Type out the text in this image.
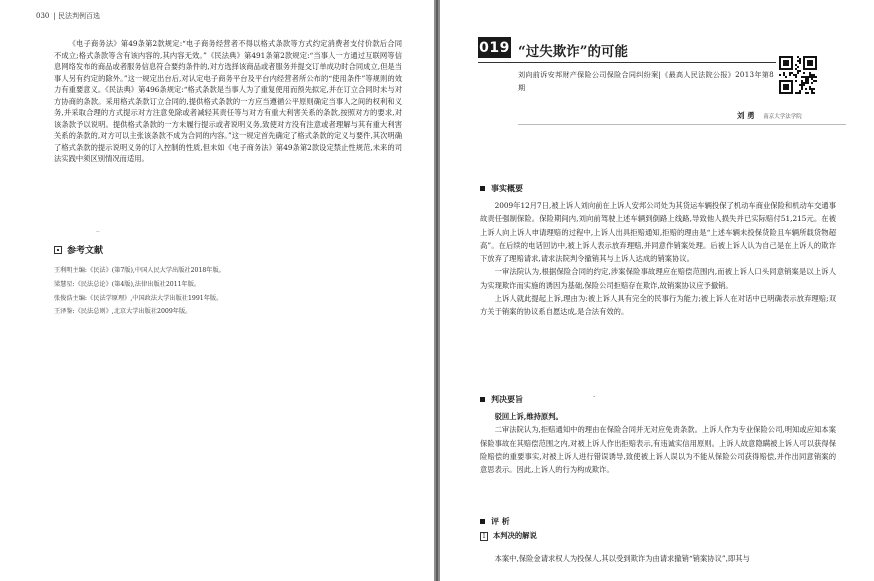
030 | 民法判例百选

《电子商务法》第49条第2款规定:“电子商务经营者不得以格式条款等方式约定消费者支付价款后合同不成立;格式条款等含有该内容的,其内容无效。”《民法典》第491条第2款规定:“当事人一方通过互联网等信息网络发布的商品或者服务信息符合要约条件的,对方选择该商品或者服务并提交订单成功时合同成立,但是当事人另有约定的除外。”这一规定出台后,对认定电子商务平台及平台内经营者所公布的“使用条件”等规则的效力有重要意义。《民法典》第496条规定:“格式条款是当事人为了重复使用而预先拟定,并在订立合同时未与对方协商的条款。采用格式条款订立合同的,提供格式条款的一方应当遵循公平原则确定当事人之间的权利和义务,并采取合理的方式提示对方注意免除或者减轻其责任等与对方有重大利害关系的条款,按照对方的要求,对该条款予以说明。提供格式条款的一方未履行提示或者说明义务,致使对方没有注意或者理解与其有重大利害关系的条款的,对方可以主张该条款不成为合同的内容。”这一规定首先确定了格式条款的定义与要件,其次明确了格式条款的提示说明义务的订入控制的性质,但未如《电子商务法》第49条第2款设定禁止性规范,未来的司法实践中须区别情况而适用。

··
参考文献
王利明主编:《民法》(第7版),中国人民大学出版社2018年版。
梁慧星:《民法总论》(第4版),法律出版社2011年版。
张俊浩主编:《民法学原理》,中国政法大学出版社1991年版。
王泽鉴:《民法总则》,北京大学出版社2009年版。
019 “过失欺诈”的可能
刘向前诉安邦财产保险公司保险合同纠纷案|《最高人民法院公报》2013年第8期
刘 勇 南京大学法学院
事实概要

2009年12月7日,被上诉人刘向前在上诉人安邦公司处为其货运车辆投保了机动车商业保险和机动车交通事故责任强制保险。保险期间内,刘向前驾驶上述车辆到倒路上线路,导致他人损失并已实际赔付51,215元。在被上诉人向上诉人申请理赔的过程中,上诉人出具拒赔通知,拒赔的理由是“上述车辆未投保货险且车辆所载货物超高”。在后续的电话回访中,被上诉人表示放弃理赔,并同意作销案处理。后被上诉人认为自己是在上诉人的欺诈下放弃了理赔请求,请求法院判令撤销其与上诉人达成的销案协议。

一审法院认为,根据保险合同的约定,涉案保险事故理应在赔偿范围内,而被上诉人口头同意销案是以上诉人为实现欺诈而实施的诱因为基础,保险公司拒赔存在欺诈,故销案协议应予撤销。

上诉人就此提起上诉,理由为:被上诉人具有完全的民事行为能力;被上诉人在对话中已明确表示放弃理赔;双方关于销案的协议系自愿达成,是合法有效的。

判决要旨	·

驳回上诉,维持原判。

二审法院认为,拒赔通知中的理由在保险合同并无对应免责条款。上诉人作为专业保险公司,明知或应知本案保险事故在其赔偿范围之内,对被上诉人作出拒赔表示,有违诚实信用原则。上诉人故意隐瞒被上诉人可以获得保险赔偿的重要事实,对被上诉人进行错误诱导,致使被上诉人误以为不能从保险公司获得赔偿,并作出同意销案的意思表示。因此,上诉人的行为构成欺诈。

评 析
1 本判决的解说

本案中,保险金请求权人为投保人,其以受到欺诈为由请求撤销“销案协议”,即其与
